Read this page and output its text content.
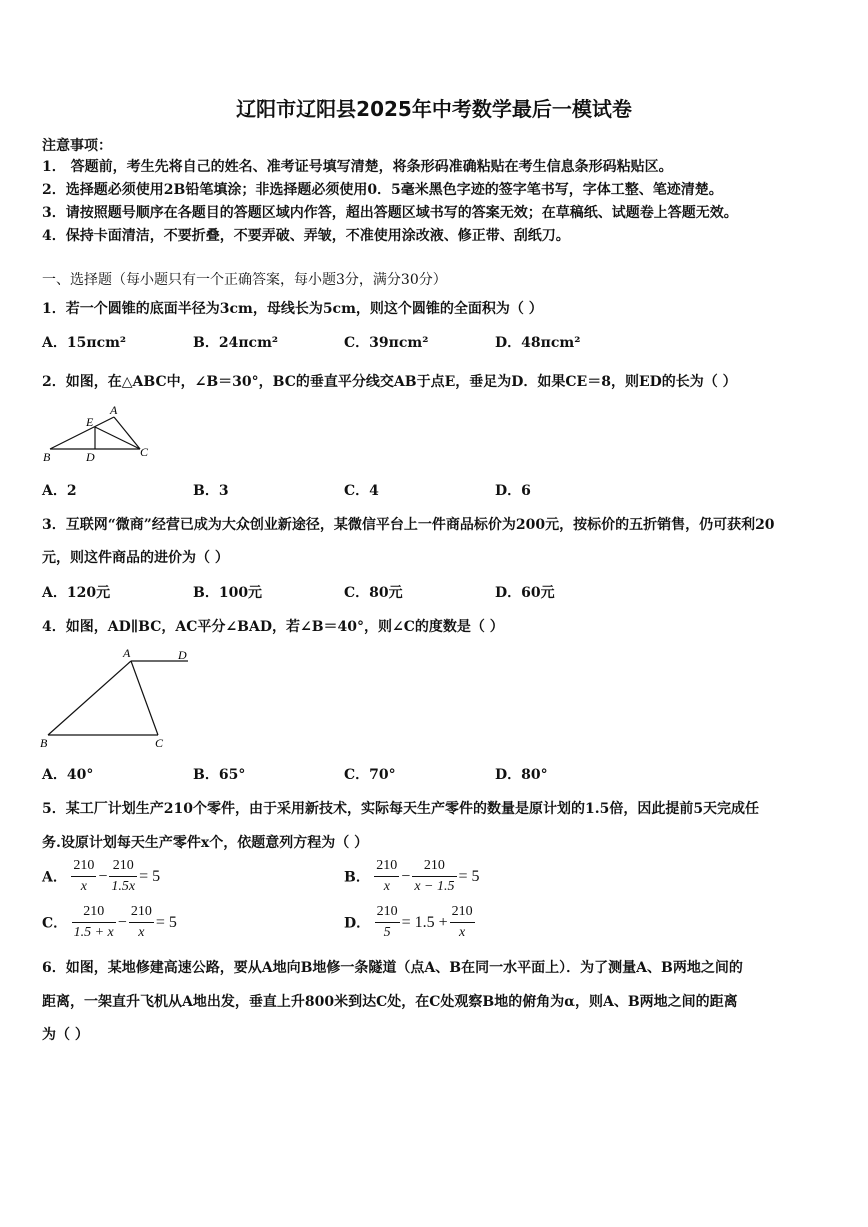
辽阳市辽阳县2025年中考数学最后一模试卷
注意事项：
1． 答题前，考生先将自己的姓名、准考证号填写清楚，将条形码准确粘贴在考生信息条形码粘贴区。
2．选择题必须使用2B铅笔填涂；非选择题必须使用0．5毫米黑色字迹的签字笔书写，字体工整、笔迹清楚。
3．请按照题号顺序在各题目的答题区域内作答，超出答题区域书写的答案无效；在草稿纸、试题卷上答题无效。
4．保持卡面清洁，不要折叠，不要弄破、弄皱，不准使用涂改液、修正带、刮纸刀。
一、选择题（每小题只有一个正确答案，每小题3分，满分30分）
1．若一个圆锥的底面半径为3cm，母线长为5cm，则这个圆锥的全面积为（ ）
A．15πcm²	B．24πcm²	C．39πcm²	D．48πcm²
2．如图，在△ABC中，∠B＝30°，BC的垂直平分线交AB于点E，垂足为D．如果CE＝8，则ED的长为（ ）
A
E
B	D	C
A．2	B．3	C．4	D．6
3．互联网“微商”经营已成为大众创业新途径，某微信平台上一件商品标价为200元，按标价的五折销售，仍可获利20
元，则这件商品的进价为（ ）
A．120元	B．100元	C．80元	D．60元
4．如图，AD∥BC，AC平分∠BAD，若∠B＝40°，则∠C的度数是（ ）
A	D
B	C
A．40°	B．65°	C．70°	D．80°
5．某工厂计划生产210个零件，由于采用新技术，实际每天生产零件的数量是原计划的1.5倍，因此提前5天完成任
务.设原计划每天生产零件x个，依题意列方程为（ ）
A． $\frac{210}{x} - \frac{210}{1.5x} = 5$	B． $\frac{210}{x} - \frac{210}{x - 1.5} = 5$
C． $\frac{210}{1.5 + x} - \frac{210}{x} = 5$	D． $\frac{210}{5} = 1.5 + \frac{210}{x}$
6．如图，某地修建高速公路，要从A地向B地修一条隧道（点A、B在同一水平面上）．为了测量A、B两地之间的
距离，一架直升飞机从A地出发，垂直上升800米到达C处，在C处观察B地的俯角为α，则A、B两地之间的距离
为（ ）
